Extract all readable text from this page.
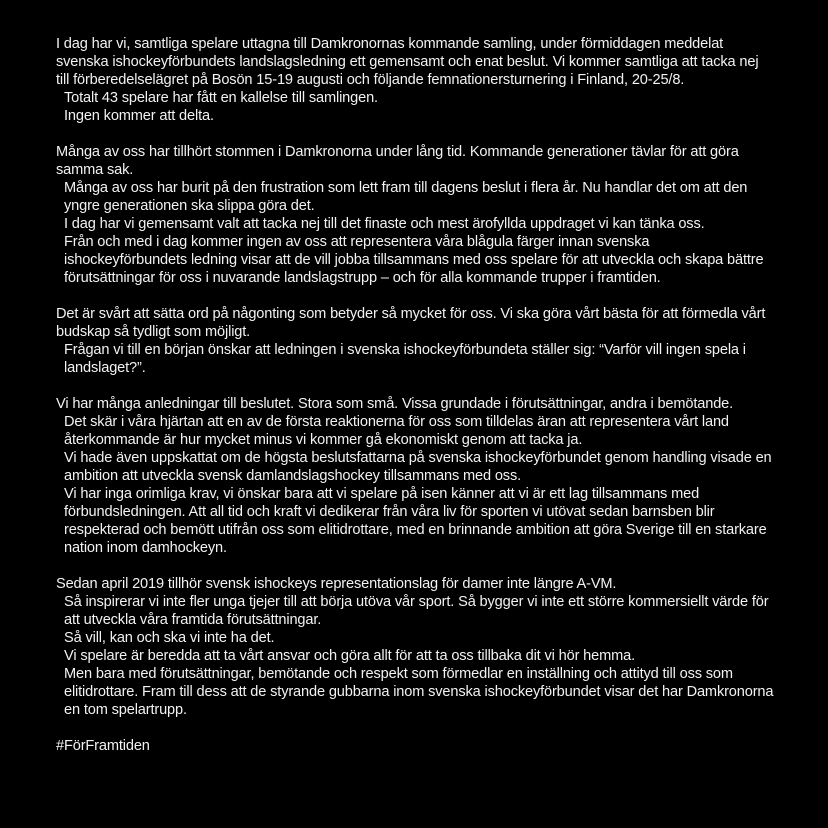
I dag har vi, samtliga spelare uttagna till Damkronornas kommande samling, under förmiddagen meddelat svenska ishockeyförbundets landslagsledning ett gemensamt och enat beslut. Vi kommer samtliga att tacka nej till förberedelselägret på Bosön 15-19 augusti och följande femnationersturnering i Finland, 20-25/8.
Totalt 43 spelare har fått en kallelse till samlingen.
Ingen kommer att delta.
Många av oss har tillhört stommen i Damkronorna under lång tid. Kommande generationer tävlar för att göra samma sak.
Många av oss har burit på den frustration som lett fram till dagens beslut i flera år. Nu handlar det om att den yngre generationen ska slippa göra det.
I dag har vi gemensamt valt att tacka nej till det finaste och mest ärofyllda uppdraget vi kan tänka oss.
Från och med i dag kommer ingen av oss att representera våra blågula färger innan svenska ishockeyförbundets ledning visar att de vill jobba tillsammans med oss spelare för att utveckla och skapa bättre förutsättningar för oss i nuvarande landslagstrupp – och för alla kommande trupper i framtiden.
Det är svårt att sätta ord på någonting som betyder så mycket för oss. Vi ska göra vårt bästa för att förmedla vårt budskap så tydligt som möjligt.
Frågan vi till en början önskar att ledningen i svenska ishockeyförbundeta ställer sig: “Varför vill ingen spela i landslaget?”.
Vi har många anledningar till beslutet. Stora som små. Vissa grundade i förutsättningar, andra i bemötande.
Det skär i våra hjärtan att en av de första reaktionerna för oss som tilldelas äran att representera vårt land återkommande är hur mycket minus vi kommer gå ekonomiskt genom att tacka ja.
Vi hade även uppskattat om de högsta beslutsfattarna på svenska ishockeyförbundet genom handling visade en ambition att utveckla svensk damlandslagshockey tillsammans med oss.
Vi har inga orimliga krav, vi önskar bara att vi spelare på isen känner att vi är ett lag tillsammans med förbundsledningen. Att all tid och kraft vi dedikerar från våra liv för sporten vi utövat sedan barnsben blir respekterad och bemött utifrån oss som elitidrottare, med en brinnande ambition att göra Sverige till en starkare nation inom damhockeyn.
Sedan april 2019 tillhör svensk ishockeys representationslag för damer inte längre A-VM.
Så inspirerar vi inte fler unga tjejer till att börja utöva vår sport. Så bygger vi inte ett större kommersiellt värde för att utveckla våra framtida förutsättningar.
Så vill, kan och ska vi inte ha det.
Vi spelare är beredda att ta vårt ansvar och göra allt för att ta oss tillbaka dit vi hör hemma.
Men bara med förutsättningar, bemötande och respekt som förmedlar en inställning och attityd till oss som elitidrottare. Fram till dess att de styrande gubbarna inom svenska ishockeyförbundet visar det har Damkronorna en tom spelartrupp.
#FörFramtiden
